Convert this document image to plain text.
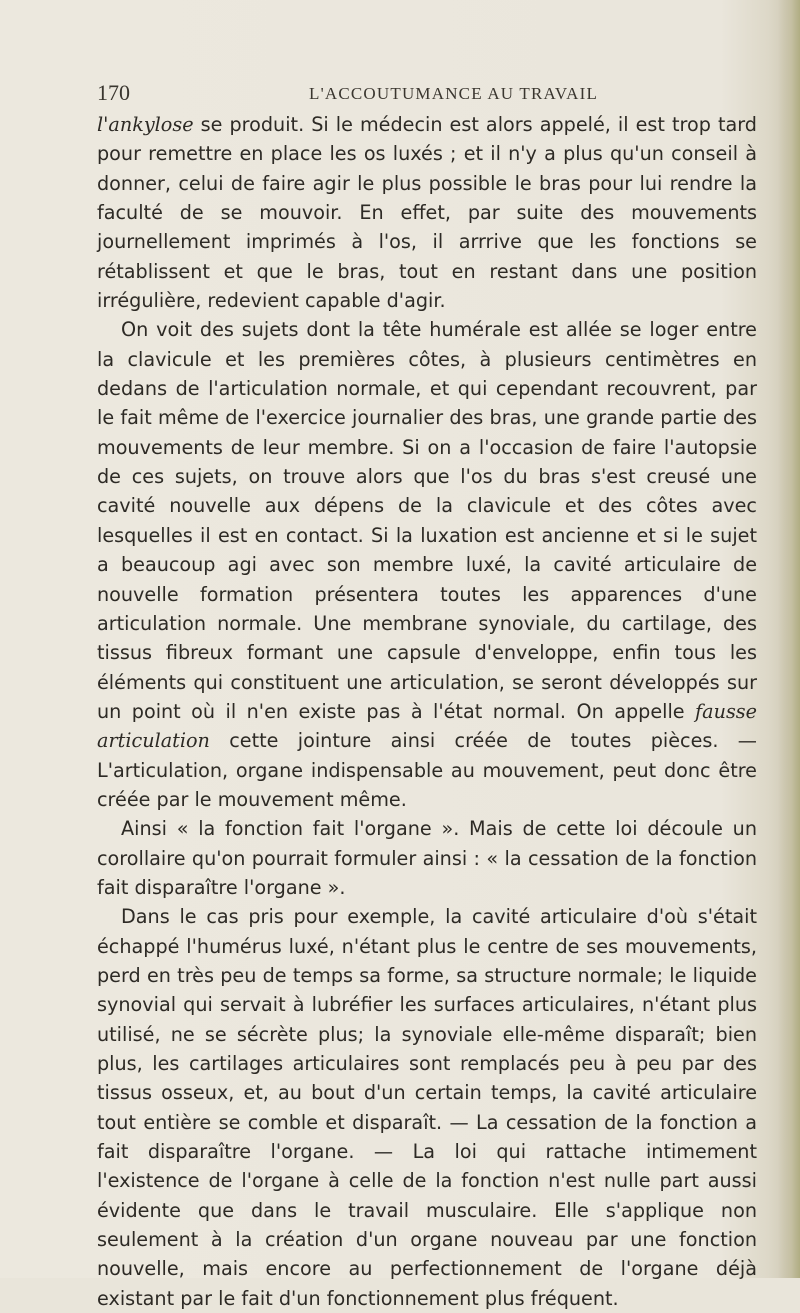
170	L'ACCOUTUMANCE AU TRAVAIL

l'ankylose se produit. Si le médecin est alors appelé, il est trop tard pour remettre en place les os luxés ; et il n'y a plus qu'un conseil à donner, celui de faire agir le plus possible le bras pour lui rendre la faculté de se mouvoir. En effet, par suite des mouvements journellement imprimés à l'os, il arrrive que les fonctions se rétablissent et que le bras, tout en restant dans une position irrégulière, redevient capable d'agir.

On voit des sujets dont la tête humérale est allée se loger entre la clavicule et les premières côtes, à plusieurs centimètres en dedans de l'articulation normale, et qui cependant recouvrent, par le fait même de l'exercice journalier des bras, une grande partie des mouvements de leur membre. Si on a l'occasion de faire l'autopsie de ces sujets, on trouve alors que l'os du bras s'est creusé une cavité nouvelle aux dépens de la clavicule et des côtes avec lesquelles il est en contact. Si la luxation est ancienne et si le sujet a beaucoup agi avec son membre luxé, la cavité articulaire de nouvelle formation présentera toutes les apparences d'une articulation normale. Une membrane synoviale, du cartilage, des tissus fibreux formant une capsule d'enveloppe, enfin tous les éléments qui constituent une articulation, se seront développés sur un point où il n'en existe pas à l'état normal. On appelle fausse articulation cette jointure ainsi créée de toutes pièces. — L'articulation, organe indispensable au mouvement, peut donc être créée par le mouvement même.

Ainsi « la fonction fait l'organe ». Mais de cette loi découle un corollaire qu'on pourrait formuler ainsi : « la cessation de la fonction fait disparaître l'organe ».

Dans le cas pris pour exemple, la cavité articulaire d'où s'était échappé l'humérus luxé, n'étant plus le centre de ses mouvements, perd en très peu de temps sa forme, sa structure normale; le liquide synovial qui servait à lubréfier les surfaces articulaires, n'étant plus utilisé, ne se sécrète plus; la synoviale elle-même disparaît; bien plus, les cartilages articulaires sont remplacés peu à peu par des tissus osseux, et, au bout d'un certain temps, la cavité articulaire tout entière se comble et disparaît. — La cessation de la fonction a fait disparaître l'organe. — La loi qui rattache intimement l'existence de l'organe à celle de la fonction n'est nulle part aussi évidente que dans le travail musculaire. Elle s'applique non seulement à la création d'un organe nouveau par une fonction nouvelle, mais encore au perfectionnement de l'organe déjà existant par le fait d'un fonctionnement plus fréquent.
